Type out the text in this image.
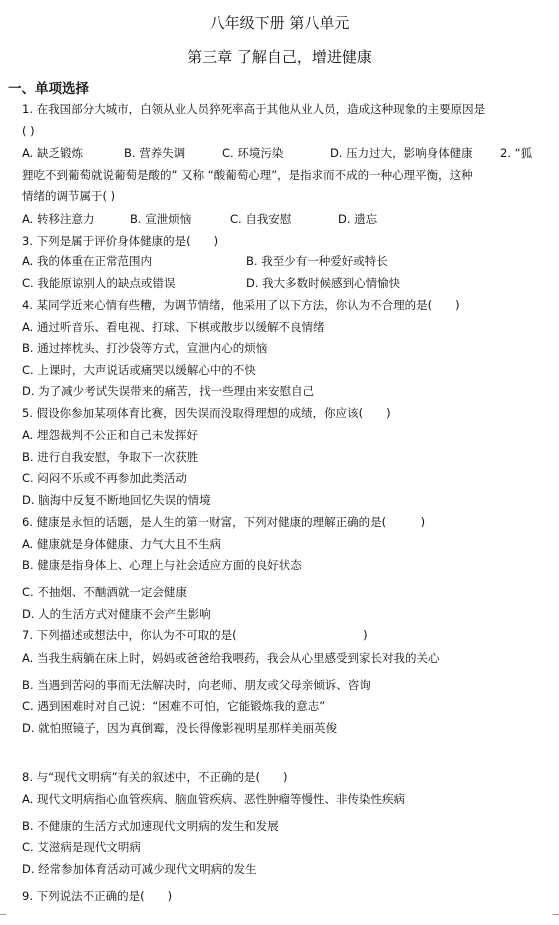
八年级下册 第八单元
第三章 了解自己，增进健康
一、单项选择
1. 在我国部分大城市，白领从业人员猝死率高于其他从业人员，造成这种现象的主要原因是
( )
A. 缺乏锻炼	B. 营养失调	C. 环境污染	D. 压力过大，影响身体健康 2. “狐
狸吃不到葡萄就说葡萄是酸的” 又称 “酸葡萄心理”，是指求而不成的一种心理平衡，这种
情绪的调节属于( )
A. 转移注意力	B. 宣泄烦恼	C. 自我安慰	D. 遗忘
3. 下列是属于评价身体健康的是(　　)
A. 我的体重在正常范围内	B. 我至少有一种爱好或特长
C. 我能原谅别人的缺点或错误	D. 我大多数时候感到心情愉快
4. 某同学近来心情有些糟，为调节情绪，他采用了以下方法，你认为不合理的是(　　)
A. 通过听音乐、看电视、打球、下棋或散步以缓解不良情绪
B. 通过摔枕头、打沙袋等方式，宣泄内心的烦恼
C. 上课时，大声说话或痛哭以缓解心中的不快
D. 为了减少考试失误带来的痛苦，找一些理由来安慰自己
5. 假设你参加某项体育比赛，因失误而没取得理想的成绩，你应该(　　)
A. 埋怨裁判不公正和自己未发挥好
B. 进行自我安慰，争取下一次获胜
C. 闷闷不乐或不再参加此类活动
D. 脑海中反复不断地回忆失误的情境
6. 健康是永恒的话题，是人生的第一财富，下列对健康的理解正确的是(　　　)
A. 健康就是身体健康、力气大且不生病
B. 健康是指身体上、心理上与社会适应方面的良好状态
C. 不抽烟、不酗酒就一定会健康
D. 人的生活方式对健康不会产生影响
7. 下列描述或想法中，你认为不可取的是(　　　　　　　　　　　)
A. 当我生病躺在床上时，妈妈或爸爸给我喂药，我会从心里感受到家长对我的关心
B. 当遇到苦闷的事而无法解决时，向老师、朋友或父母亲倾诉、咨询
C. 遇到困难时对自己说：“困难不可怕，它能锻炼我的意志”
D. 就怕照镜子，因为真倒霉，没长得像影视明星那样美丽英俊
8. 与“现代文明病”有关的叙述中，不正确的是(　　)
A. 现代文明病指心血管疾病、脑血管疾病、恶性肿瘤等慢性、非传染性疾病
B. 不健康的生活方式加速现代文明病的发生和发展
C. 艾滋病是现代文明病
D. 经常参加体育活动可减少现代文明病的发生
9. 下列说法不正确的是(　　)
